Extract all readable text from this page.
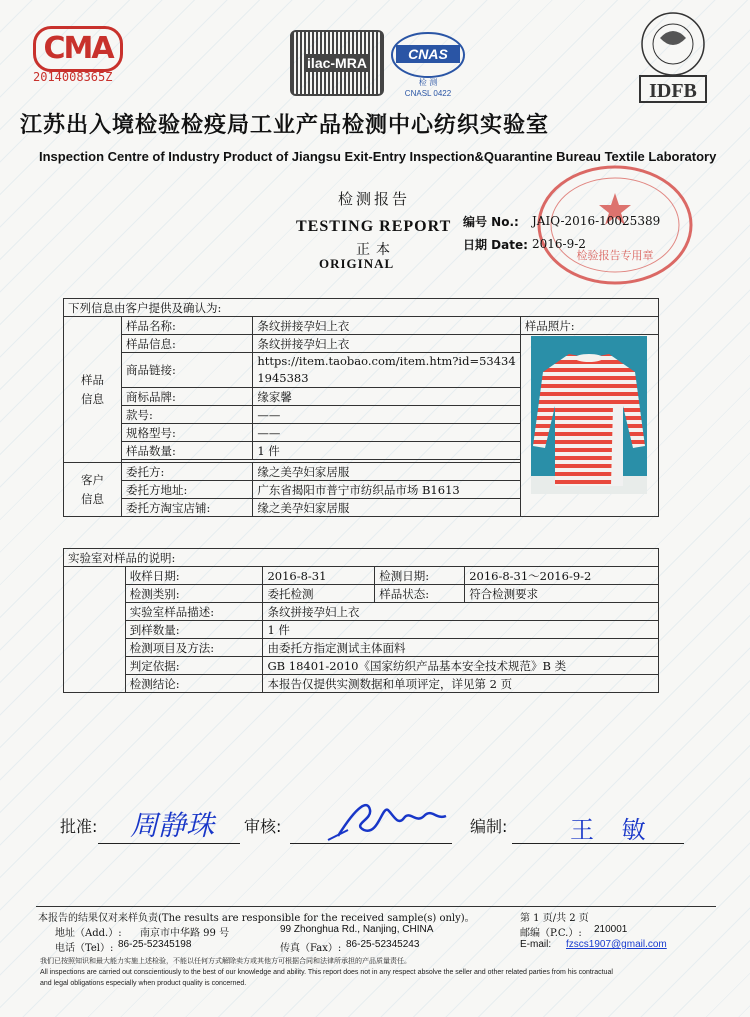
CMA
2014008365Z
ilac-MRA
CNAS
检 测
CNASL 0422	IDFB
江苏出入境检验检疫局工业产品检测中心纺织实验室
Inspection Centre of Industry Product of Jiangsu Exit-Entry Inspection&Quarantine Bureau Textile Laboratory
检测报告
TESTING REPORT
正本
ORIGINAL
检验报告专用章
编号 No.: JAIQ-2016-10025389
日期 Date: 2016-9-2
下列信息由客户提供及确认为:			
样品信息	样品名称:	条纹拼接孕妇上衣	样品照片:
	样品信息:	条纹拼接孕妇上衣	

	商品链接:	https://item.taobao.com/item.htm?id=53434
1945383	

	商标品牌:	缘家馨	
	款号:	——	
	规格型号:	——	
	样品数量:	1 件	

客户信息	委托方:	缘之美孕妇家居服	
	委托方地址:	广东省揭阳市普宁市纺织品市场 B1613	
	委托方淘宝店铺:	缘之美孕妇家居服	
实验室对样品的说明:				
	收样日期:	2016-8-31	检测日期:	2016-8-31～2016-9-2
	检测类别:	委托检测	样品状态:	符合检测要求
	实验室样品描述:	条纹拼接孕妇上衣		
	到样数量:	1 件		
	检测项目及方法:	由委托方指定测试主体面料		
	判定依据:	GB 18401-2010《国家纺织产品基本安全技术规范》B 类		
	检测结论:	本报告仅提供实测数据和单项评定，详见第 2 页		
批准: 周静珠 审核:	编制:	王 敏
本报告的结果仅对来样负责(The results are responsible for the received sample(s) only)。	第 1 页/共 2 页
地址（Add.）: 南京市中华路 99 号	99 Zhonghua Rd., Nanjing, CHINA	邮编（P.C.）: 210001
电话（Tel）: 86-25-52345198	传真（Fax）: 86-25-52345243	E-mail: fzscs1907@gmail.com
我们已按照知识和最大能力实施上述检验，不能以任何方式解除卖方或其他方可根据合同和法律所承担的产品质量责任。
All inspections are carried out conscientiously to the best of our knowledge and ability. This report does not in any respect absolve the seller and other related parties from his contractual
and legal obligations especially when product quality is concerned.
